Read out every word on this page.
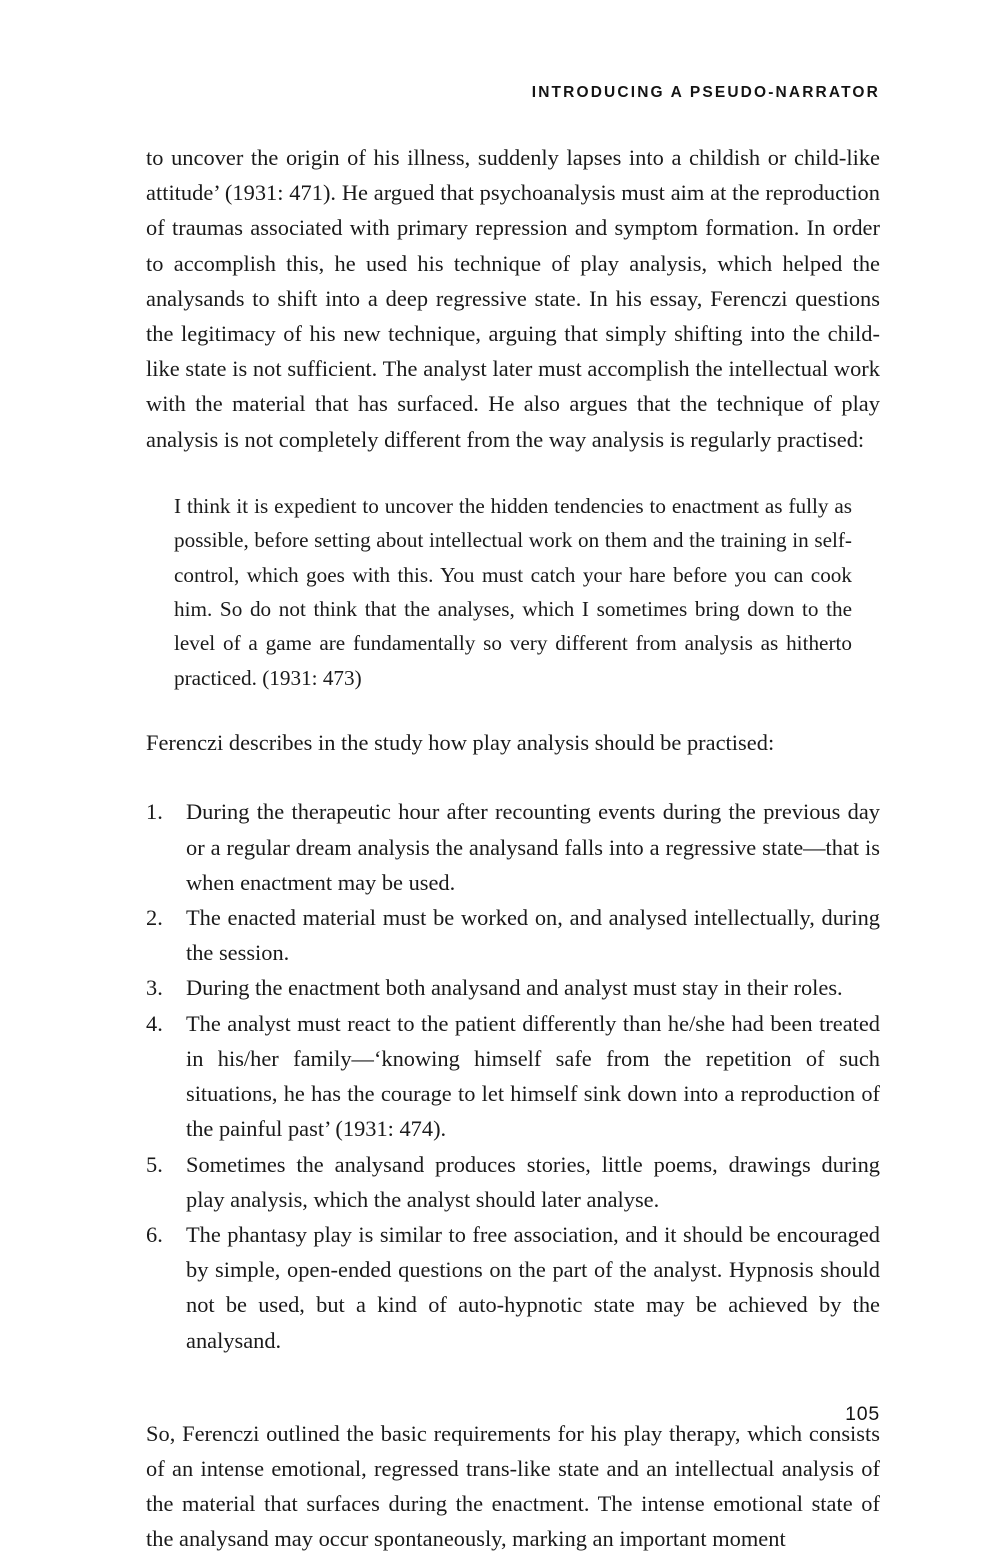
INTRODUCING A PSEUDO-NARRATOR

to uncover the origin of his illness, suddenly lapses into a childish or child-like attitude’ (1931: 471). He argued that psychoanalysis must aim at the reproduction of traumas associated with primary repression and symptom formation. In order to accomplish this, he used his technique of play analysis, which helped the analysands to shift into a deep regressive state. In his essay, Ferenczi questions the legitimacy of his new technique, arguing that simply shifting into the child-like state is not sufficient. The analyst later must accomplish the intellectual work with the material that has surfaced. He also argues that the technique of play analysis is not completely different from the way analysis is regularly practised:

I think it is expedient to uncover the hidden tendencies to enactment as fully as possible, before setting about intellectual work on them and the training in self-control, which goes with this. You must catch your hare before you can cook him. So do not think that the analyses, which I sometimes bring down to the level of a game are fundamentally so very different from analysis as hitherto practiced. (1931: 473)

Ferenczi describes in the study how play analysis should be practised:

1.	During the therapeutic hour after recounting events during the previous day or a regular dream analysis the analysand falls into a regressive state—that is when enactment may be used.
2.	The enacted material must be worked on, and analysed intellectually, during the session.
3.	During the enactment both analysand and analyst must stay in their roles.
4.	The analyst must react to the patient differently than he/she had been treated in his/her family—‘knowing himself safe from the repetition of such situations, he has the courage to let himself sink down into a reproduction of the painful past’ (1931: 474).
5.	Sometimes the analysand produces stories, little poems, drawings during play analysis, which the analyst should later analyse.
6.	The phantasy play is similar to free association, and it should be encouraged by simple, open-ended questions on the part of the analyst. Hypnosis should not be used, but a kind of auto-hypnotic state may be achieved by the analysand.

So, Ferenczi outlined the basic requirements for his play therapy, which consists of an intense emotional, regressed trans-like state and an intellectual analysis of the material that surfaces during the enactment. The intense emotional state of the analysand may occur spontaneously, marking an important moment

105
